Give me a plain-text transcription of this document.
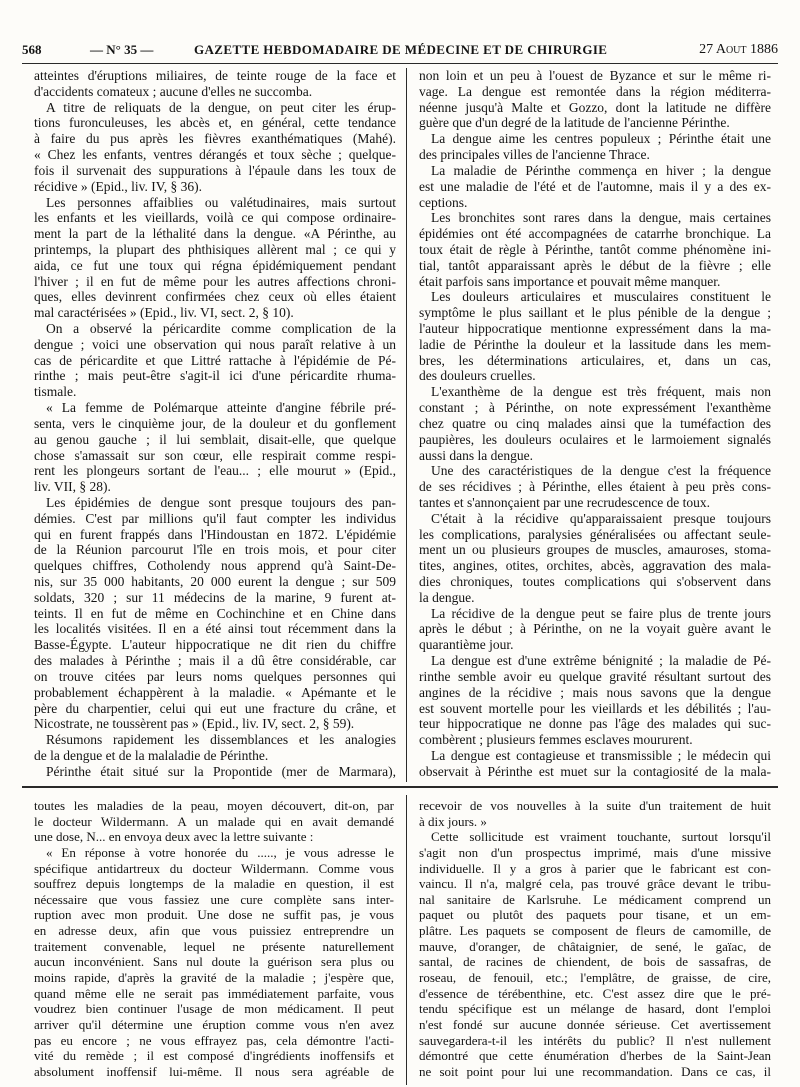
568	— N° 35 —	GAZETTE HEBDOMADAIRE DE MÉDECINE ET DE CHIRURGIE	27 Aout 1886
atteintes d'éruptions miliaires, de teinte rouge de la face et
d'accidents comateux ; aucune d'elles ne succomba.
A titre de reliquats de la dengue, on peut citer les érup-
tions furonculeuses, les abcès et, en général, cette tendance
à faire du pus après les fièvres exanthématiques (Mahé).
« Chez les enfants, ventres dérangés et toux sèche ; quelque-
fois il survenait des suppurations à l'épaule dans les toux de
récidive » (Epid., liv. IV, § 36).
Les personnes affaiblies ou valétudinaires, mais surtout
les enfants et les vieillards, voilà ce qui compose ordinaire-
ment la part de la léthalité dans la dengue. «A Périnthe, au
printemps, la plupart des phthisiques allèrent mal ; ce qui y
aida, ce fut une toux qui régna épidémiquement pendant
l'hiver ; il en fut de même pour les autres affections chroni-
ques, elles devinrent confirmées chez ceux où elles étaient
mal caractérisées » (Epid., liv. VI, sect. 2, § 10).
On a observé la péricardite comme complication de la
dengue ; voici une observation qui nous paraît relative à un
cas de péricardite et que Littré rattache à l'épidémie de Pé-
rinthe ; mais peut-être s'agit-il ici d'une péricardite rhuma-
tismale.
« La femme de Polémarque atteinte d'angine fébrile pré-
senta, vers le cinquième jour, de la douleur et du gonflement
au genou gauche ; il lui semblait, disait-elle, que quelque
chose s'amassait sur son cœur, elle respirait comme respi-
rent les plongeurs sortant de l'eau... ; elle mourut » (Epid.,
liv. VII, § 28).
Les épidémies de dengue sont presque toujours des pan-
démies. C'est par millions qu'il faut compter les individus
qui en furent frappés dans l'Hindoustan en 1872. L'épidémie
de la Réunion parcourut l'île en trois mois, et pour citer
quelques chiffres, Cotholendy nous apprend qu'à Saint-De-
nis, sur 35 000 habitants, 20 000 eurent la dengue ; sur 509
soldats, 320 ; sur 11 médecins de la marine, 9 furent at-
teints. Il en fut de même en Cochinchine et en Chine dans
les localités visitées. Il en a été ainsi tout récemment dans la
Basse-Égypte. L'auteur hippocratique ne dit rien du chiffre
des malades à Périnthe ; mais il a dû être considérable, car
on trouve citées par leurs noms quelques personnes qui
probablement échappèrent à la maladie. « Apémante et le
père du charpentier, celui qui eut une fracture du crâne, et
Nicostrate, ne toussèrent pas » (Epid., liv. IV, sect. 2, § 59).
Résumons rapidement les dissemblances et les analogies
de la dengue et de la malaladie de Périnthe.
Périnthe était situé sur la Propontide (mer de Marmara),
non loin et un peu à l'ouest de Byzance et sur le même ri-
vage. La dengue est remontée dans la région méditerra-
néenne jusqu'à Malte et Gozzo, dont la latitude ne diffère
guère que d'un degré de la latitude de l'ancienne Périnthe.
La dengue aime les centres populeux ; Périnthe était une
des principales villes de l'ancienne Thrace.
La maladie de Périnthe commença en hiver ; la dengue
est une maladie de l'été et de l'automne, mais il y a des ex-
ceptions.
Les bronchites sont rares dans la dengue, mais certaines
épidémies ont été accompagnées de catarrhe bronchique. La
toux était de règle à Périnthe, tantôt comme phénomène ini-
tial, tantôt apparaissant après le début de la fièvre ; elle
était parfois sans importance et pouvait même manquer.
Les douleurs articulaires et musculaires constituent le
symptôme le plus saillant et le plus pénible de la dengue ;
l'auteur hippocratique mentionne expressément dans la ma-
ladie de Périnthe la douleur et la lassitude dans les mem-
bres, les déterminations articulaires, et, dans un cas,
des douleurs cruelles.
L'exanthème de la dengue est très fréquent, mais non
constant ; à Périnthe, on note expressément l'exanthème
chez quatre ou cinq malades ainsi que la tuméfaction des
paupières, les douleurs oculaires et le larmoiement signalés
aussi dans la dengue.
Une des caractéristiques de la dengue c'est la fréquence
de ses récidives ; à Périnthe, elles étaient à peu près cons-
tantes et s'annonçaient par une recrudescence de toux.
C'était à la récidive qu'apparaissaient presque toujours
les complications, paralysies généralisées ou affectant seule-
ment un ou plusieurs groupes de muscles, amauroses, stoma-
tites, angines, otites, orchites, abcès, aggravation des mala-
dies chroniques, toutes complications qui s'observent dans
la dengue.
La récidive de la dengue peut se faire plus de trente jours
après le début ; à Périnthe, on ne la voyait guère avant le
quarantième jour.
La dengue est d'une extrême bénignité ; la maladie de Pé-
rinthe semble avoir eu quelque gravité résultant surtout des
angines de la récidive ; mais nous savons que la dengue
est souvent mortelle pour les vieillards et les débilités ; l'au-
teur hippocratique ne donne pas l'âge des malades qui suc-
combèrent ; plusieurs femmes esclaves moururent.
La dengue est contagieuse et transmissible ; le médecin qui
observait à Périnthe est muet sur la contagiosité de la mala-
toutes les maladies de la peau, moyen découvert, dit-on, par
le docteur Wildermann. A un malade qui en avait demandé
une dose, N... en envoya deux avec la lettre suivante :
« En réponse à votre honorée du ....., je vous adresse le
spécifique antidartreux du docteur Wildermann. Comme vous
souffrez depuis longtemps de la maladie en question, il est
nécessaire que vous fassiez une cure complète sans inter-
ruption avec mon produit. Une dose ne suffit pas, je vous
en adresse deux, afin que vous puissiez entreprendre un
traitement convenable, lequel ne présente naturellement
aucun inconvénient. Sans nul doute la guérison sera plus ou
moins rapide, d'après la gravité de la maladie ; j'espère que,
quand même elle ne serait pas immédiatement parfaite, vous
voudrez bien continuer l'usage de mon médicament. Il peut
arriver qu'il détermine une éruption comme vous n'en avez
pas eu encore ; ne vous effrayez pas, cela démontre l'acti-
vité du remède ; il est composé d'ingrédients inoffensifs et
absolument inoffensif lui-même. Il nous sera agréable de
recevoir de vos nouvelles à la suite d'un traitement de huit
à dix jours. »
Cette sollicitude est vraiment touchante, surtout lorsqu'il
s'agit non d'un prospectus imprimé, mais d'une missive
individuelle. Il y a gros à parier que le fabricant est con-
vaincu. Il n'a, malgré cela, pas trouvé grâce devant le tribu-
nal sanitaire de Karlsruhe. Le médicament comprend un
paquet ou plutôt des paquets pour tisane, et un em-
plâtre. Les paquets se composent de fleurs de camomille, de
mauve, d'oranger, de châtaignier, de sené, le gaïac, de
santal, de racines de chiendent, de bois de sassafras, de
roseau, de fenouil, etc.; l'emplâtre, de graisse, de cire,
d'essence de térébenthine, etc. C'est assez dire que le pré-
tendu spécifique est un mélange de hasard, dont l'emploi
n'est fondé sur aucune donnée sérieuse. Cet avertissement
sauvegardera-t-il les intérêts du public? Il n'est nullement
démontré que cette énumération d'herbes de la Saint-Jean
ne soit point pour lui une recommandation. Dans ce cas, il
